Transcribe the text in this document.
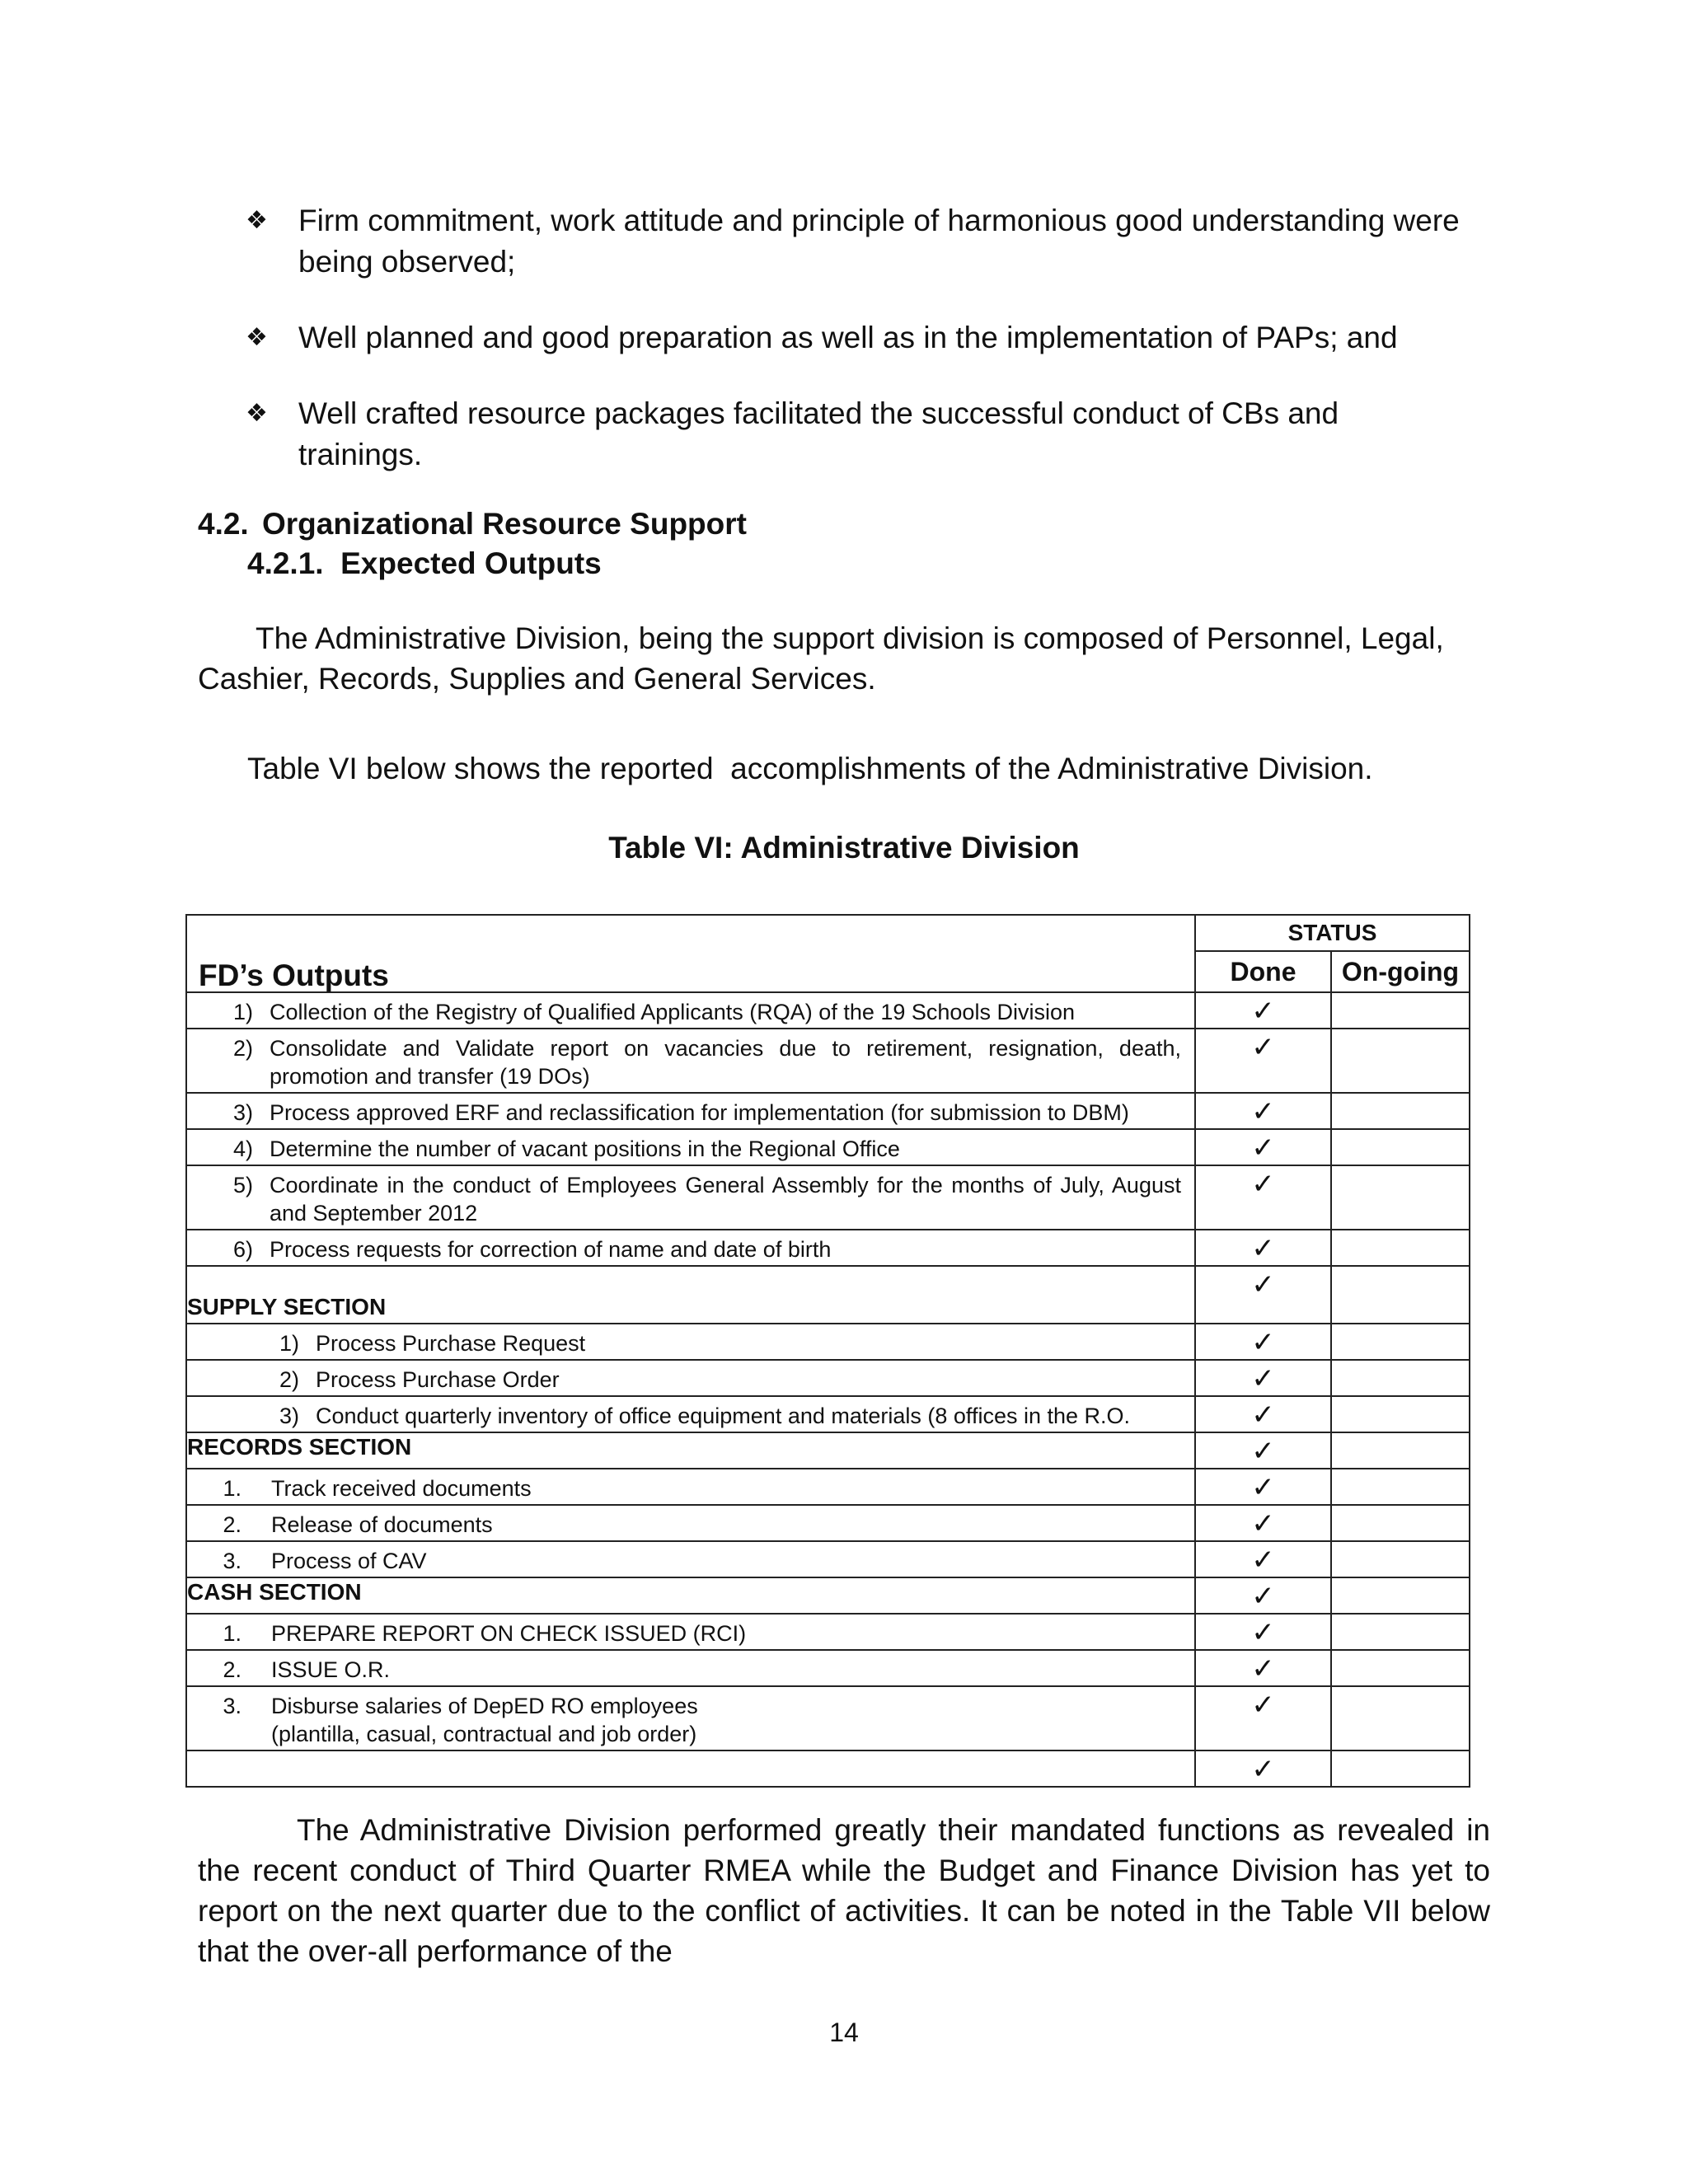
❖ Firm commitment, work attitude and principle of harmonious good understanding were being observed;
❖ Well planned and good preparation as well as in the implementation of PAPs; and
❖ Well crafted resource packages facilitated the successful conduct of CBs and trainings.
4.2. Organizational Resource Support
4.2.1.  Expected Outputs
The Administrative Division, being the support division is composed of Personnel, Legal, Cashier, Records, Supplies and General Services.
Table VI below shows the reported  accomplishments of the Administrative Division.
Table VI: Administrative Division
FD’s Outputs	STATUS	
	Done	On-going

1) Collection of the Registry of Qualified Applicants (RQA) of the 19 Schools Division	✓	

2) Consolidate and Validate report on vacancies due to retirement, resignation, death, promotion and transfer (19 DOs)	✓	

3) Process approved ERF and reclassification for implementation (for submission to DBM)	✓	

4) Determine the number of vacant positions in the Regional Office	✓	

5) Coordinate in the conduct of Employees General Assembly for the months of July, August and September 2012	✓	

6) Process requests for correction of name and date of birth	✓	
SUPPLY SECTION	✓	

1) Process Purchase Request	✓	

2) Process Purchase Order	✓	

3) Conduct quarterly inventory of office equipment and materials (8 offices in the R.O.	✓	
RECORDS SECTION	✓	

1. Track received documents	✓	

2. Release of documents	✓	

3. Process of CAV	✓	
CASH SECTION	✓	

1. PREPARE REPORT ON CHECK ISSUED (RCI)	✓	

2. ISSUE O.R.	✓	

3. Disburse salaries of DepED RO employees
(plantilla, casual, contractual and job order)	✓	
	✓	
The Administrative Division performed greatly their mandated functions as revealed in the recent conduct of Third Quarter RMEA while the Budget and Finance Division has yet to report on the next quarter due to the conflict of activities. It can be noted in the Table VII below that the over-all performance of the
14
